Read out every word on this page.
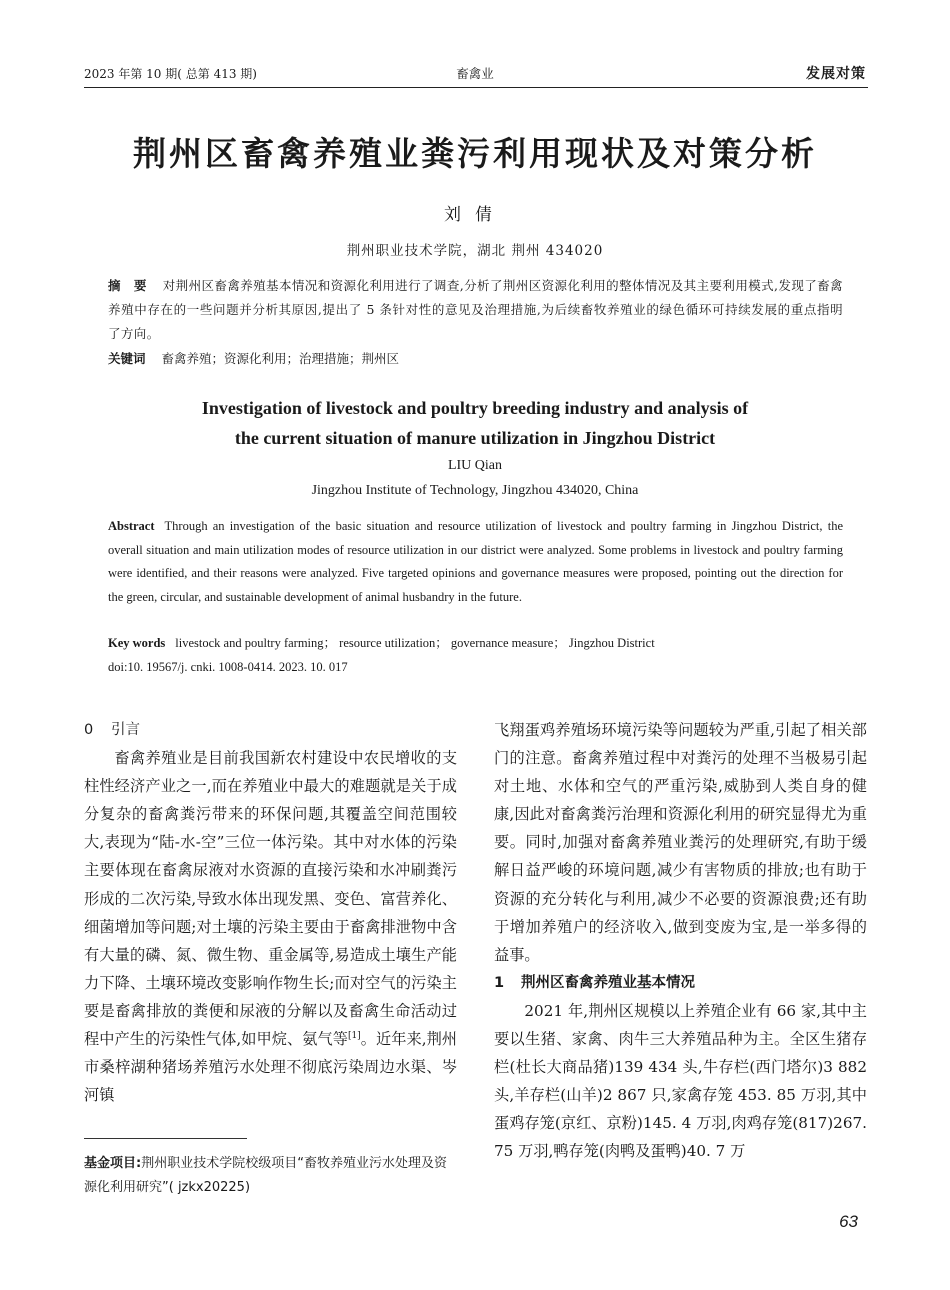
2023 年第 10 期( 总第 413 期)	畜禽业	发展对策
荆州区畜禽养殖业粪污利用现状及对策分析
刘倩
荆州职业技术学院，湖北 荆州 434020
摘　要 对荆州区畜禽养殖基本情况和资源化利用进行了调查,分析了荆州区资源化利用的整体情况及其主要利用模式,发现了畜禽养殖中存在的一些问题并分析其原因,提出了 5 条针对性的意见及治理措施,为后续畜牧养殖业的绿色循环可持续发展的重点指明了方向。
关键词 畜禽养殖；资源化利用；治理措施；荆州区
Investigation of livestock and poultry breeding industry and analysis of
the current situation of manure utilization in Jingzhou District
LIU Qian
Jingzhou Institute of Technology, Jingzhou 434020, China
Abstract Through an investigation of the basic situation and resource utilization of livestock and poultry farming in Jingzhou District, the overall situation and main utilization modes of resource utilization in our district were analyzed. Some problems in livestock and poultry farming were identified, and their reasons were analyzed. Five targeted opinions and governance measures were proposed, pointing out the direction for the green, circular, and sustainable development of animal husbandry in the future.
Key words livestock and poultry farming； resource utilization； governance measure； Jingzhou District
doi:10. 19567/j. cnki. 1008-0414. 2023. 10. 017
0 引言

畜禽养殖业是目前我国新农村建设中农民增收的支柱性经济产业之一,而在养殖业中最大的难题就是关于成分复杂的畜禽粪污带来的环保问题,其覆盖空间范围较大,表现为“陆-水-空”三位一体污染。其中对水体的污染主要体现在畜禽尿液对水资源的直接污染和水冲刷粪污形成的二次污染,导致水体出现发黑、变色、富营养化、细菌增加等问题;对土壤的污染主要由于畜禽排泄物中含有大量的磷、氮、微生物、重金属等,易造成土壤生产能力下降、土壤环境改变影响作物生长;而对空气的污染主要是畜禽排放的粪便和尿液的分解以及畜禽生命活动过程中产生的污染性气体,如甲烷、氨气等[1]。近年来,荆州市桑梓湖种猪场养殖污水处理不彻底污染周边水渠、岑河镇

飞翔蛋鸡养殖场环境污染等问题较为严重,引起了相关部门的注意。畜禽养殖过程中对粪污的处理不当极易引起对土地、水体和空气的严重污染,威胁到人类自身的健康,因此对畜禽粪污治理和资源化利用的研究显得尤为重要。同时,加强对畜禽养殖业粪污的处理研究,有助于缓解日益严峻的环境问题,减少有害物质的排放;也有助于资源的充分转化与利用,减少不必要的资源浪费;还有助于增加养殖户的经济收入,做到变废为宝,是一举多得的益事。

1 荆州区畜禽养殖业基本情况

2021 年,荆州区规模以上养殖企业有 66 家,其中主要以生猪、家禽、肉牛三大养殖品种为主。全区生猪存栏(杜长大商品猪)139 434 头,牛存栏(西门塔尔)3 882 头,羊存栏(山羊)2 867 只,家禽存笼 453. 85 万羽,其中蛋鸡存笼(京红、京粉)145. 4 万羽,肉鸡存笼(817)267. 75 万羽,鸭存笼(肉鸭及蛋鸭)40. 7 万

基金项目:荆州职业技术学院校级项目“畜牧养殖业污水处理及资源化利用研究”( jzkx20225)
63
